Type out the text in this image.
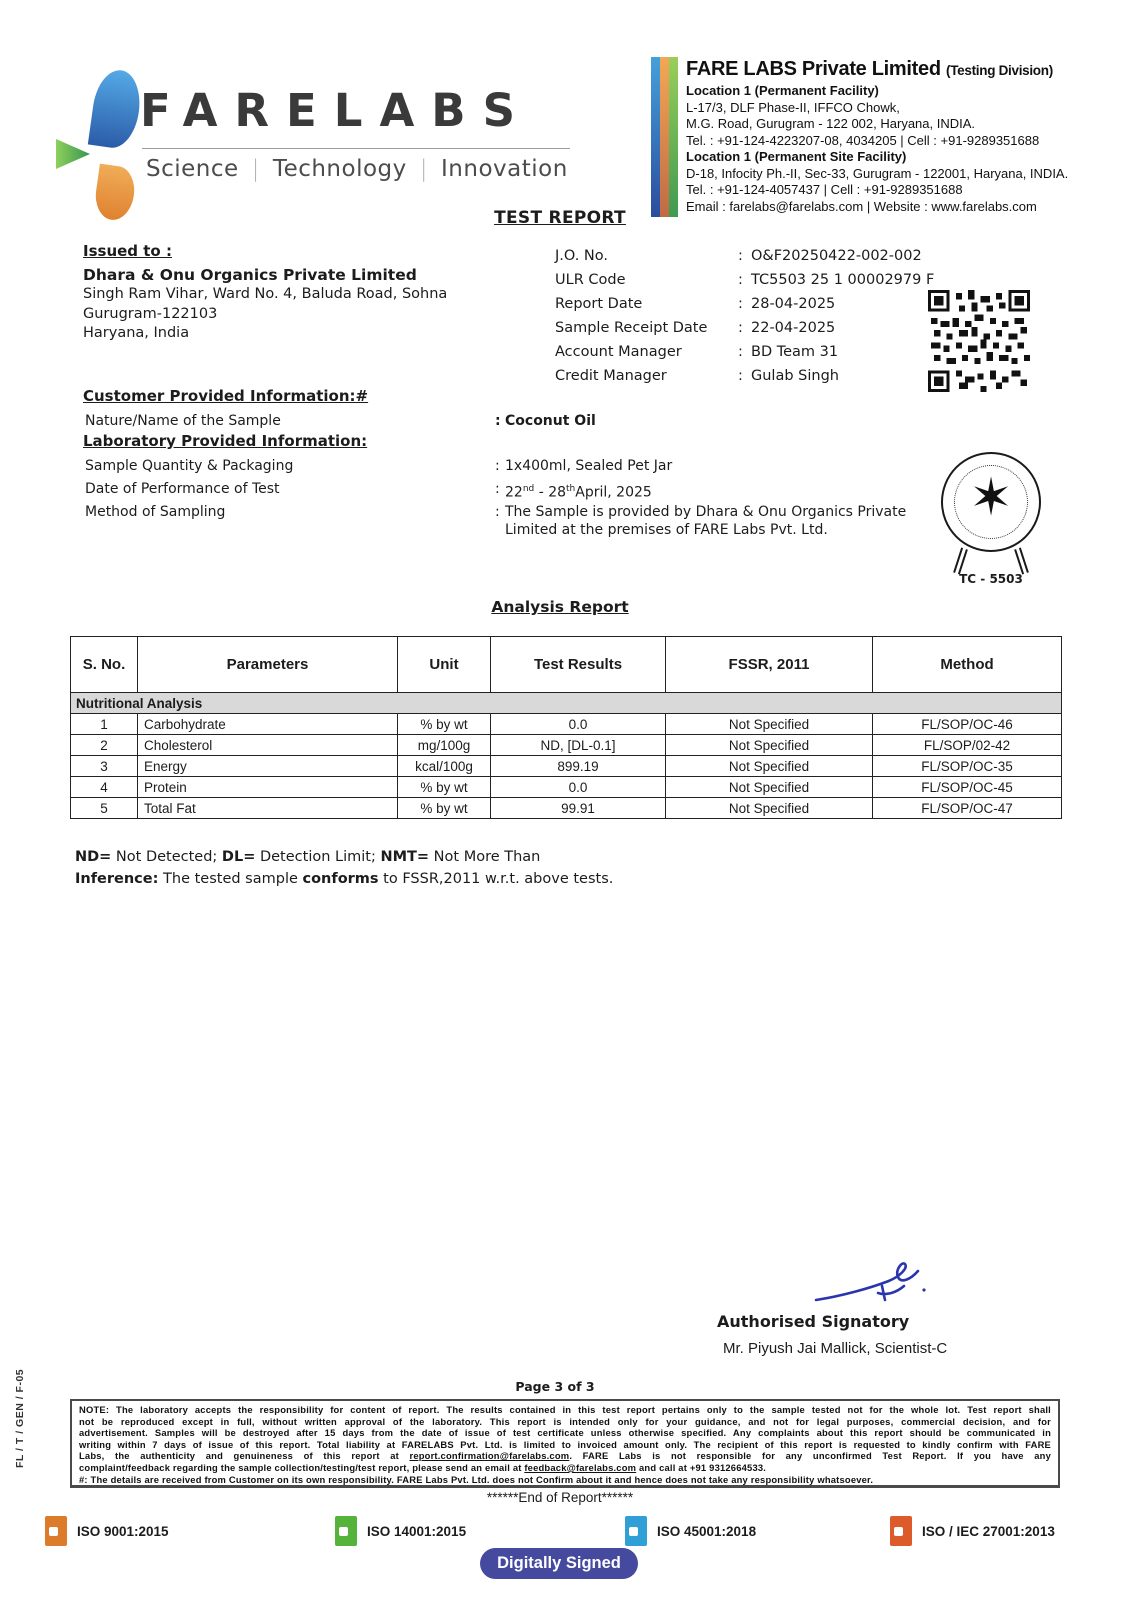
FARELABS
Science | Technology | Innovation
FARE LABS Private Limited (Testing Division)
Location 1 (Permanent Facility)
L-17/3, DLF Phase-II, IFFCO Chowk,
M.G. Road, Gurugram - 122 002, Haryana, INDIA.
Tel. : +91-124-4223207-08, 4034205 | Cell : +91-9289351688
Location 1 (Permanent Site Facility)
D-18, Infocity Ph.-II, Sec-33, Gurugram - 122001, Haryana, INDIA.
Tel. : +91-124-4057437 | Cell : +91-9289351688
Email : farelabs@farelabs.com | Website : www.farelabs.com
TEST REPORT
Issued to :
Dhara & Onu Organics Private Limited
Singh Ram Vihar, Ward No. 4, Baluda Road, Sohna
Gurugram-122103
Haryana, India
J.O. No.	: O&F20250422-002-002
ULR Code	: TC5503 25 1 00002979 F
Report Date	: 28-04-2025
Sample Receipt Date	: 22-04-2025
Account Manager	: BD Team 31
Credit Manager	: Gulab Singh
Customer Provided Information:#
Nature/Name of the Sample	: Coconut Oil
Laboratory Provided Information:
Sample Quantity & Packaging	: 1x400ml, Sealed Pet Jar
Date of Performance of Test	: 22nd - 28thApril, 2025
Method of Sampling	: The Sample is provided by Dhara & Onu Organics Private Limited at the premises of FARE Labs Pvt. Ltd.
✶
TC - 5503
Analysis Report
S. No.	Parameters	Unit	Test Results	FSSR, 2011	Method
Nutritional Analysis					
1	Carbohydrate	% by wt	0.0	Not Specified	FL/SOP/OC-46
2	Cholesterol	mg/100g	ND, [DL-0.1]	Not Specified	FL/SOP/02-42
3	Energy	kcal/100g	899.19	Not Specified	FL/SOP/OC-35
4	Protein	% by wt	0.0	Not Specified	FL/SOP/OC-45
5	Total Fat	% by wt	99.91	Not Specified	FL/SOP/OC-47
ND= Not Detected; DL= Detection Limit; NMT= Not More Than
Inference: The tested sample conforms to FSSR,2011 w.r.t. above tests.
Authorised Signatory
Mr. Piyush Jai Mallick, Scientist-C
Page 3 of 3
NOTE: The laboratory accepts the responsibility for content of report. The results contained in this test report pertains only to the sample tested not for the whole lot. Test report shall
not be reproduced except in full, without written approval of the laboratory. This report is intended only for your guidance, and not for legal purposes, commercial decision, and for
advertisement. Samples will be destroyed after 15 days from the date of issue of test certificate unless otherwise specified. Any complaints about this report should be communicated in
writing within 7 days of issue of this report. Total liability at FARELABS Pvt. Ltd. is limited to invoiced amount only. The recipient of this report is requested to kindly confirm with FARE
Labs, the authenticity and genuineness of this report at report.confirmation@farelabs.com. FARE Labs is not responsible for any unconfirmed Test Report. If you have any
complaint/feedback regarding the sample collection/testing/test report, please send an email at feedback@farelabs.com and call at +91 9312664533.
#: The details are received from Customer on its own responsibility. FARE Labs Pvt. Ltd. does not Confirm about it and hence does not take any responsibility whatsoever.
******End of Report******
ISO 9001:2015	ISO 14001:2015	ISO 45001:2018	ISO / IEC 27001:2013
Digitally Signed
FL / T / GEN / F-05
